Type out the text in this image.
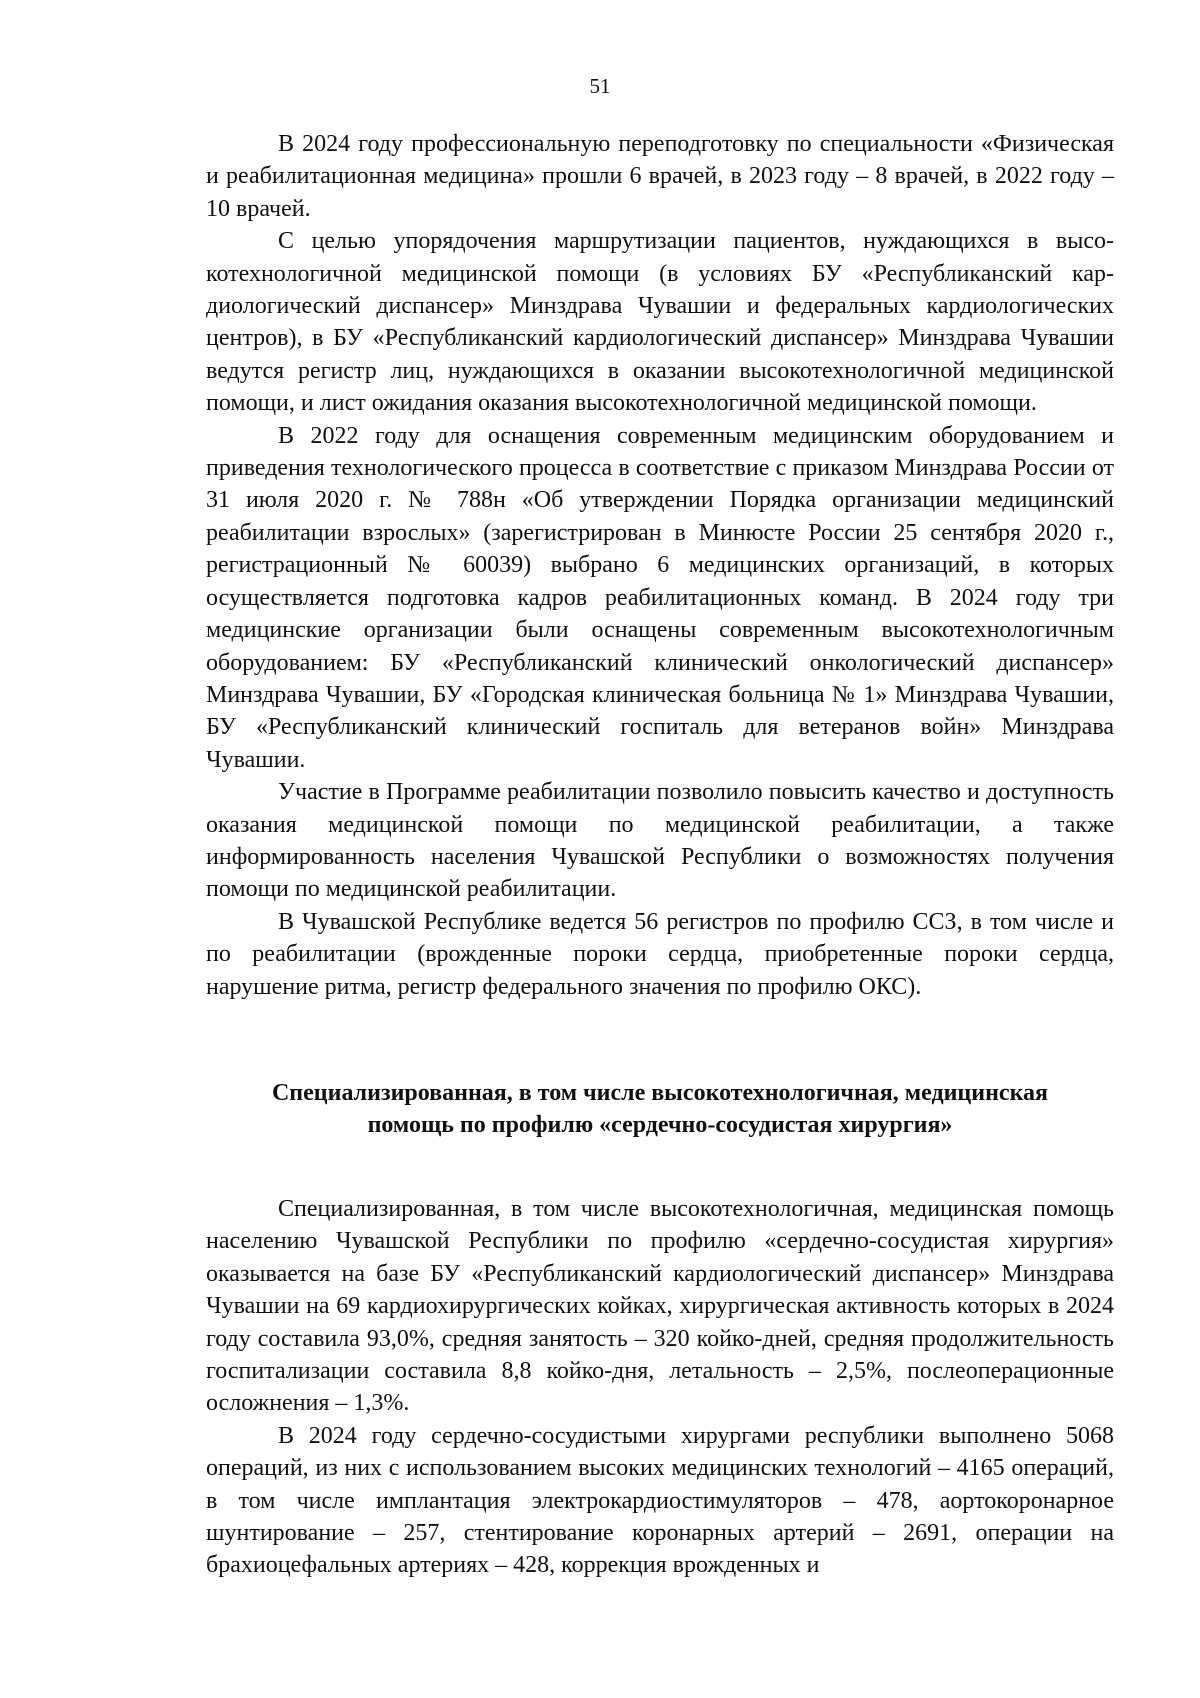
51

В 2024 году профессиональную переподготовку по специальности «Физическая и реабилитационная медицина» прошли 6 врачей, в 2023 году – 8 врачей, в 2022 году – 10 врачей.

С целью упорядочения маршрутизации пациентов, нуждающихся в высокотехнологичной медицинской помощи (в условиях БУ «Республиканский кардиологический диспансер» Минздрава Чувашии и федеральных кардиологических центров), в БУ «Республиканский кардиологический диспансер» Минздрава Чувашии ведутся регистр лиц, нуждающихся в оказании высокотехнологичной медицинской помощи, и лист ожидания оказания высокотехнологичной медицинской помощи.

В 2022 году для оснащения современным медицинским оборудованием и приведения технологического процесса в соответствие с приказом Минздрава России от 31 июля 2020 г. № 788н «Об утверждении Порядка организации медицинский реабилитации взрослых» (зарегистрирован в Минюсте России 25 сентября 2020 г., регистрационный № 60039) выбрано 6 медицинских организаций, в которых осуществляется подготовка кадров реабилитационных команд. В 2024 году три медицинские организации были оснащены современным высокотехнологичным оборудованием: БУ «Республиканский клинический онкологический диспансер» Минздрава Чувашии, БУ «Городская клиническая больница № 1» Минздрава Чувашии, БУ «Республиканский клинический госпиталь для ветеранов войн» Минздрава Чувашии.

Участие в Программе реабилитации позволило повысить качество и доступность оказания медицинской помощи по медицинской реабилитации, а также информированность населения Чувашской Республики о возможностях получения помощи по медицинской реабилитации.

В Чувашской Республике ведется 56 регистров по профилю ССЗ, в том числе и по реабилитации (врожденные пороки сердца, приобретенные пороки сердца, нарушение ритма, регистр федерального значения по профилю ОКС).

Специализированная, в том числе высокотехнологичная, медицинская
помощь по профилю «сердечно-сосудистая хирургия»

Специализированная, в том числе высокотехнологичная, медицинская помощь населению Чувашской Республики по профилю «сердечно-сосудистая хирургия» оказывается на базе БУ «Республиканский кардиологический диспансер» Минздрава Чувашии на 69 кардиохирургических койках, хирургическая активность которых в 2024 году составила 93,0%, средняя занятость – 320 койко-дней, средняя продолжительность госпитализации составила 8,8 койко-дня, летальность – 2,5%, послеоперационные осложнения – 1,3%.

В 2024 году сердечно-сосудистыми хирургами республики выполнено 5068 операций, из них с использованием высоких медицинских технологий – 4165 операций, в том числе имплантация электрокардиостимуляторов – 478, аортокоронарное шунтирование – 257, стентирование коронарных артерий – 2691, операции на брахиоцефальных артериях – 428, коррекция врожденных и
